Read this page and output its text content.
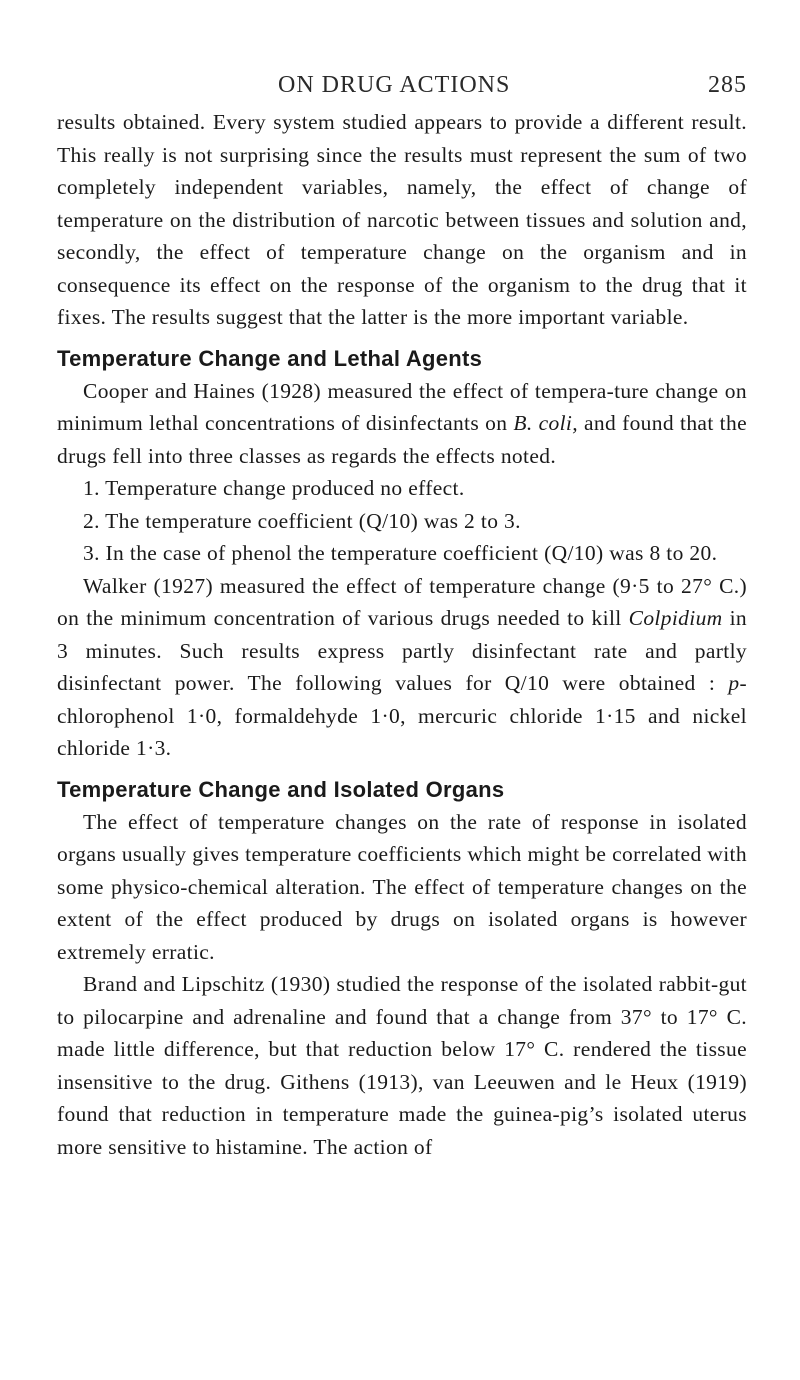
ON DRUG ACTIONS	285

results obtained. Every system studied appears to provide a different result. This really is not surprising since the results must represent the sum of two completely independent variables, namely, the effect of change of temperature on the distribution of narcotic between tissues and solution and, secondly, the effect of temperature change on the organism and in consequence its effect on the response of the organism to the drug that it fixes. The results suggest that the latter is the more important variable.

Temperature Change and Lethal Agents

Cooper and Haines (1928) measured the effect of tempera-ture change on minimum lethal concentrations of disinfectants on B. coli, and found that the drugs fell into three classes as regards the effects noted.

1. Temperature change produced no effect.

2. The temperature coefficient (Q/10) was 2 to 3.

3. In the case of phenol the temperature coefficient (Q/10) was 8 to 20.

Walker (1927) measured the effect of temperature change (9·5 to 27° C.) on the minimum concentration of various drugs needed to kill Colpidium in 3 minutes. Such results express partly disinfectant rate and partly disinfectant power. The following values for Q/10 were obtained : p-chlorophenol 1·0, formaldehyde 1·0, mercuric chloride 1·15 and nickel chloride 1·3.

Temperature Change and Isolated Organs

The effect of temperature changes on the rate of response in isolated organs usually gives temperature coefficients which might be correlated with some physico-chemical alteration. The effect of temperature changes on the extent of the effect produced by drugs on isolated organs is however extremely erratic.

Brand and Lipschitz (1930) studied the response of the isolated rabbit-gut to pilocarpine and adrenaline and found that a change from 37° to 17° C. made little difference, but that reduction below 17° C. rendered the tissue insensitive to the drug. Githens (1913), van Leeuwen and le Heux (1919) found that reduction in temperature made the guinea-pig’s isolated uterus more sensitive to histamine. The action of
